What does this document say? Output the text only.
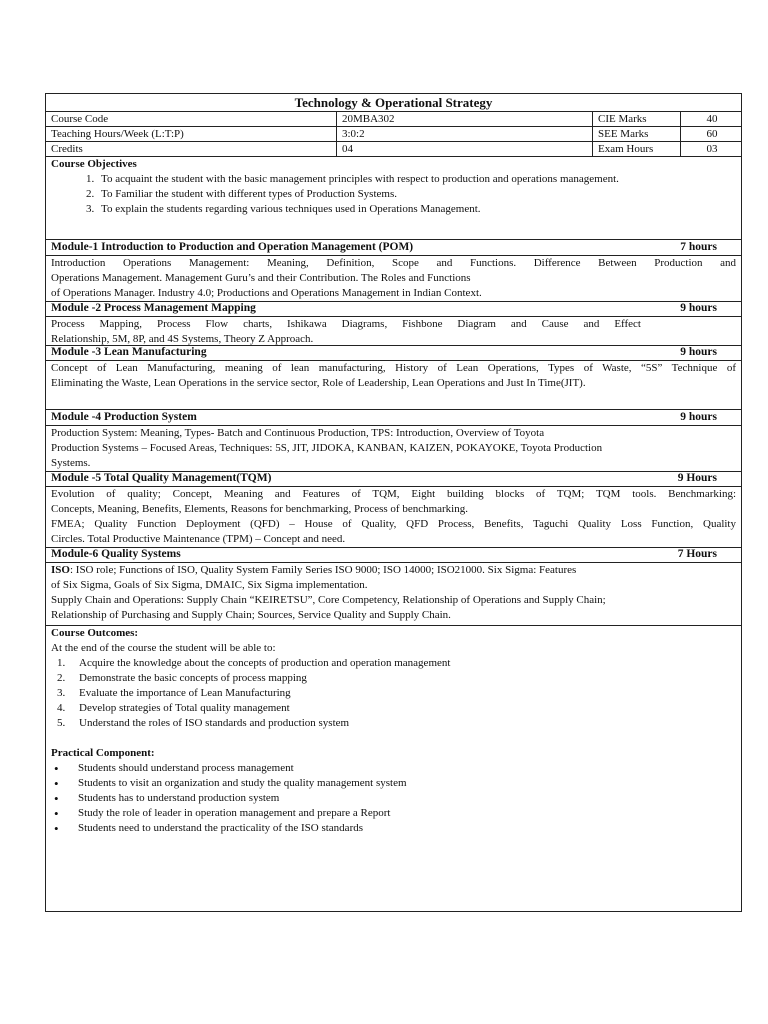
Technology & Operational Strategy
Course Code	20MBA302	CIE Marks	40
Teaching Hours/Week (L:T:P)	3:0:2	SEE Marks	60
Credits	04	Exam Hours	03
Course Objectives
1. To acquaint the student with the basic management principles with respect to production and operations management.
2. To Familiar the student with different types of Production Systems.
3. To explain the students regarding various techniques used in Operations Management.
Module-1 Introduction to Production and Operation Management (POM)	7 hours

Introduction Operations Management: Meaning, Definition, Scope and Functions. Difference Between Production and

Operations Management. Management Guru’s and their Contribution. The Roles and Functions

of Operations Manager. Industry 4.0; Productions and Operations Management in Indian Context.

Module -2 Process Management Mapping	9 hours

Process Mapping, Process Flow charts, Ishikawa Diagrams, Fishbone Diagram and Cause and Effect

Relationship, 5M, 8P, and 4S Systems, Theory Z Approach.

Module -3 Lean Manufacturing	9 hours

Concept of Lean Manufacturing, meaning of lean manufacturing, History of Lean Operations, Types of Waste, “5S” Technique of

Eliminating the Waste, Lean Operations in the service sector, Role of Leadership, Lean Operations and Just In Time(JIT).

Module -4 Production System	9 hours

Production System: Meaning, Types- Batch and Continuous Production, TPS: Introduction, Overview of Toyota

Production Systems – Focused Areas, Techniques: 5S, JIT, JIDOKA, KANBAN, KAIZEN, POKAYOKE, Toyota Production

Systems.

Module -5 Total Quality Management(TQM)	9 Hours

Evolution of quality; Concept, Meaning and Features of TQM, Eight building blocks of TQM; TQM tools. Benchmarking:

Concepts, Meaning, Benefits, Elements, Reasons for benchmarking, Process of benchmarking.

FMEA; Quality Function Deployment (QFD) – House of Quality, QFD Process, Benefits, Taguchi Quality Loss Function, Quality

Circles. Total Productive Maintenance (TPM) – Concept and need.

Module-6 Quality Systems	7 Hours

ISO: ISO role; Functions of ISO, Quality System Family Series ISO 9000; ISO 14000; ISO21000. Six Sigma: Features

of Six Sigma, Goals of Six Sigma, DMAIC, Six Sigma implementation.

Supply Chain and Operations: Supply Chain “KEIRETSU”, Core Competency, Relationship of Operations and Supply Chain;

Relationship of Purchasing and Supply Chain; Sources, Service Quality and Supply Chain.

Course Outcomes:
At the end of the course the student will be able to:
1. Acquire the knowledge about the concepts of production and operation management
2. Demonstrate the basic concepts of process mapping
3. Evaluate the importance of Lean Manufacturing
4. Develop strategies of Total quality management
5. Understand the roles of ISO standards and production system
Practical Component:
• Students should understand process management
• Students to visit an organization and study the quality management system
• Students has to understand production system
• Study the role of leader in operation management and prepare a Report
• Students need to understand the practicality of the ISO standards
